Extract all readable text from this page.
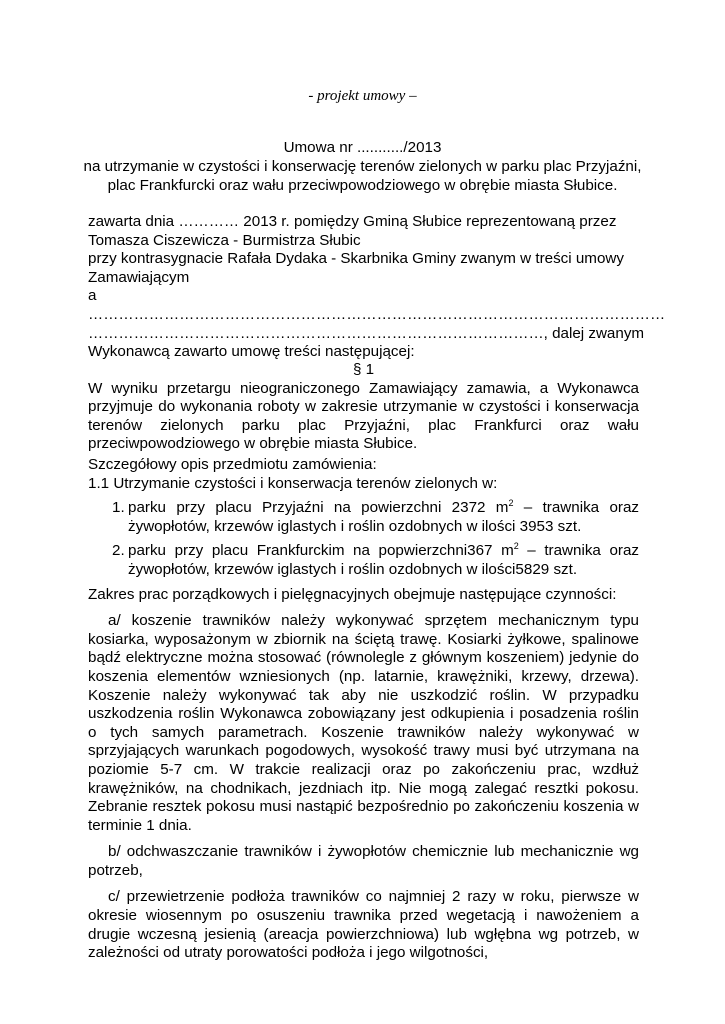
- projekt umowy –
Umowa nr .........../2013
na utrzymanie w czystości i konserwację terenów zielonych w parku plac Przyjaźni,
plac Frankfurcki oraz wału przeciwpowodziowego w obrębie miasta Słubice.
zawarta dnia ………… 2013 r. pomiędzy Gminą Słubice reprezentowaną przez
Tomasza Ciszewicza - Burmistrza Słubic
przy kontrasygnacie Rafała Dydaka - Skarbnika Gminy zwanym w treści umowy
Zamawiającym
a
……………………………………………………………………………………………………
………………………………………………………………………………, dalej zwanym
Wykonawcą zawarto umowę treści następującej:
§ 1
W wyniku przetargu nieograniczonego Zamawiający zamawia, a Wykonawca przyjmuje do wykonania roboty w zakresie utrzymanie w czystości i konserwacja terenów zielonych parku plac Przyjaźni, plac Frankfurci oraz wału przeciwpowodziowego w obrębie miasta Słubice.
Szczegółowy opis przedmiotu zamówienia:
1.1 Utrzymanie czystości i konserwacja terenów zielonych w:
1. parku przy placu Przyjaźni na powierzchni 2372 $m^2$ – trawnika oraz żywopłotów, krzewów iglastych i roślin ozdobnych w ilości 3953 szt.
2. parku przy placu Frankfurckim na popwierzchni367 $m^2$ – trawnika oraz żywopłotów, krzewów iglastych i roślin ozdobnych w ilości5829 szt.
Zakres prac porządkowych i pielęgnacyjnych obejmuje następujące czynności:
a/ koszenie trawników należy wykonywać sprzętem mechanicznym typu kosiarka, wyposażonym w zbiornik na ściętą trawę. Kosiarki żyłkowe, spalinowe bądź elektryczne można stosować (równolegle z głównym koszeniem) jedynie do koszenia elementów wzniesionych (np. latarnie, krawężniki, krzewy, drzewa). Koszenie należy wykonywać tak aby nie uszkodzić roślin. W przypadku uszkodzenia roślin Wykonawca zobowiązany jest odkupienia i posadzenia roślin o tych samych parametrach. Koszenie trawników należy wykonywać w sprzyjających warunkach pogodowych, wysokość trawy musi być utrzymana na poziomie 5-7 cm. W trakcie realizacji oraz po zakończeniu prac, wzdłuż krawężników, na chodnikach, jezdniach itp. Nie mogą zalegać resztki pokosu. Zebranie resztek pokosu musi nastąpić bezpośrednio po zakończeniu koszenia w terminie 1 dnia.
b/ odchwaszczanie trawników i żywopłotów chemicznie lub mechanicznie wg potrzeb,
c/ przewietrzenie podłoża trawników co najmniej 2 razy w roku, pierwsze w okresie wiosennym po osuszeniu trawnika przed wegetacją i nawożeniem a drugie wczesną jesienią (areacja powierzchniowa) lub wgłębna wg potrzeb, w zależności od utraty porowatości podłoża i jego wilgotności,
